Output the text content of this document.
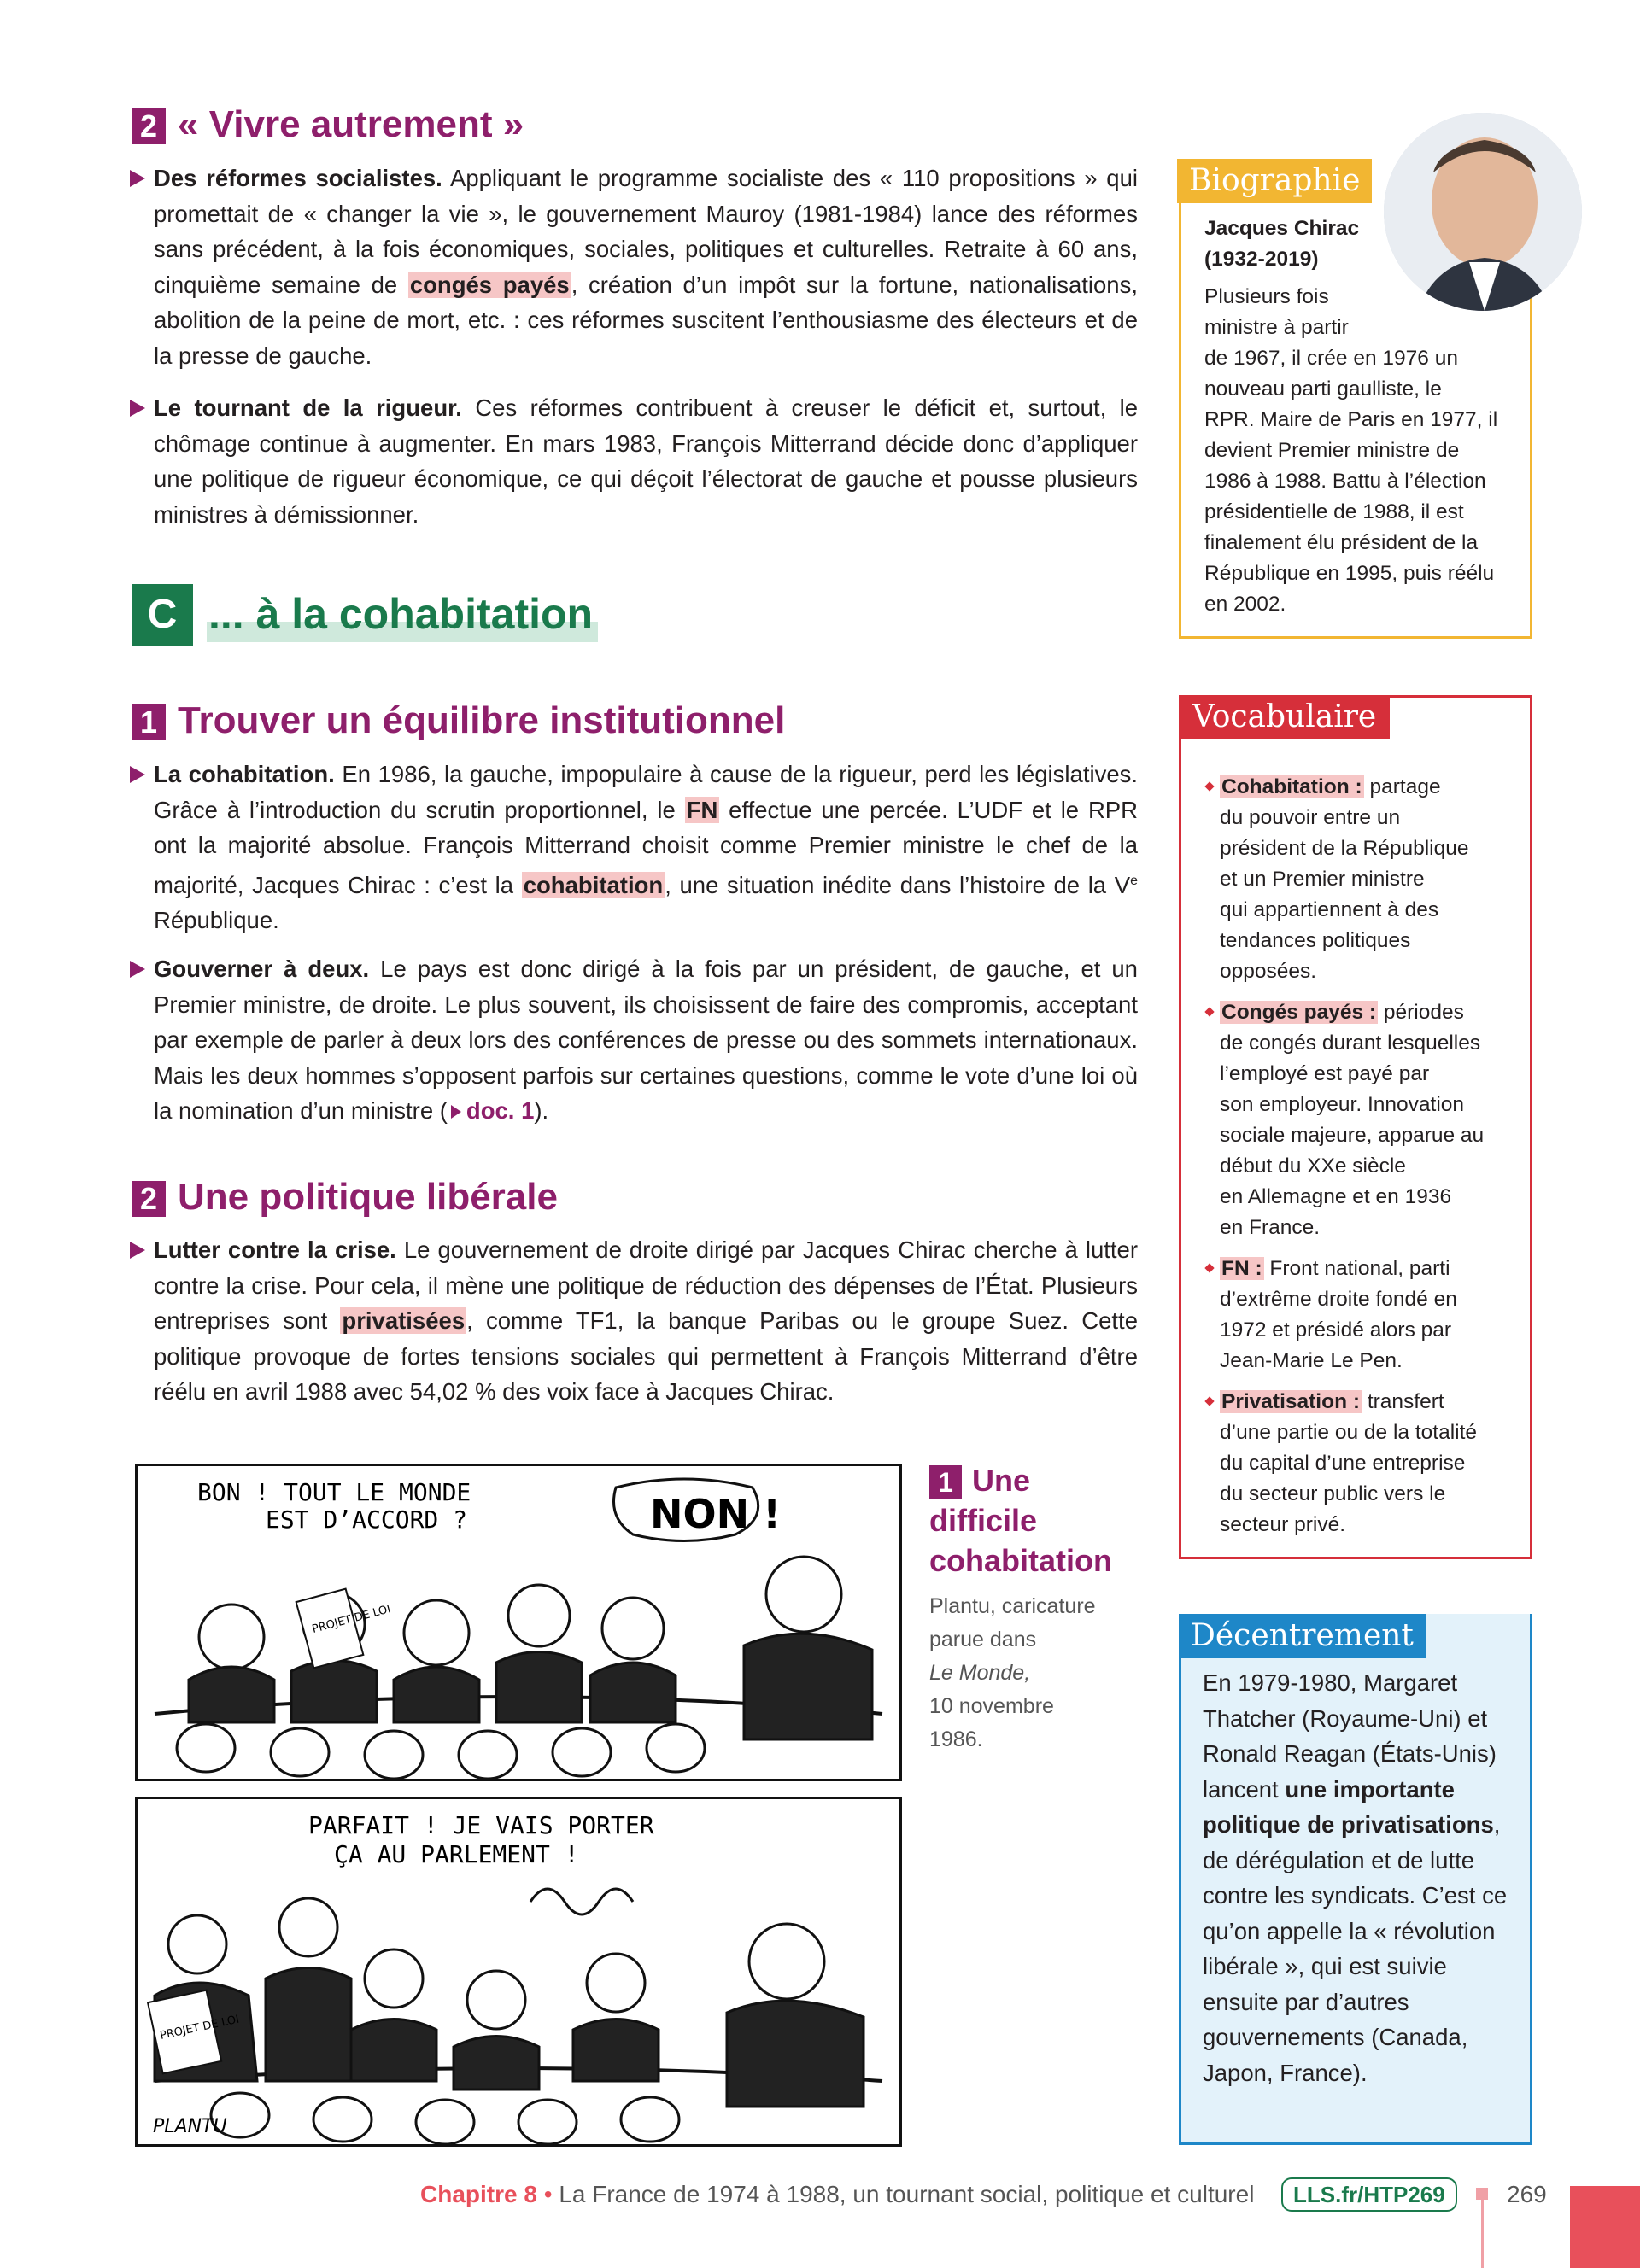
2 « Vivre autrement »
Des réformes socialistes. Appliquant le programme socialiste des « 110 propositions » qui promettait de « changer la vie », le gouvernement Mauroy (1981-1984) lance des réformes sans précédent, à la fois économiques, sociales, politiques et culturelles. Retraite à 60 ans, cinquième semaine de congés payés, création d’un impôt sur la fortune, nationalisations, abolition de la peine de mort, etc. : ces réformes suscitent l’enthousiasme des électeurs et de la presse de gauche.
Le tournant de la rigueur. Ces réformes contribuent à creuser le déficit et, surtout, le chômage continue à augmenter. En mars 1983, François Mitterrand décide donc d’appliquer une politique de rigueur économique, ce qui déçoit l’électorat de gauche et pousse plusieurs ministres à démissionner.
C ... à la cohabitation
1 Trouver un équilibre institutionnel
La cohabitation. En 1986, la gauche, impopulaire à cause de la rigueur, perd les législatives. Grâce à l’introduction du scrutin proportionnel, le FN effectue une percée. L’UDF et le RPR ont la majorité absolue. François Mitterrand choisit comme Premier ministre le chef de la majorité, Jacques Chirac : c’est la cohabitation, une situation inédite dans l’histoire de la Ve République.
Gouverner à deux. Le pays est donc dirigé à la fois par un président, de gauche, et un Premier ministre, de droite. Le plus souvent, ils choisissent de faire des compromis, acceptant par exemple de parler à deux lors des conférences de presse ou des sommets internationaux. Mais les deux hommes s’opposent parfois sur certaines questions, comme le vote d’une loi où la nomination d’un ministre ( doc. 1).
2 Une politique libérale
Lutter contre la crise. Le gouvernement de droite dirigé par Jacques Chirac cherche à lutter contre la crise. Pour cela, il mène une politique de réduction des dépenses de l’État. Plusieurs entreprises sont privatisées, comme TF1, la banque Paribas ou le groupe Suez. Cette politique provoque de fortes tensions sociales qui permettent à François Mitterrand d’être réélu en avril 1988 avec 54,02 % des voix face à Jacques Chirac.
PROJET DE LOI
NON !
BON ! TOUT LE MONDE
EST D’ACCORD ?
PROJET DE LOI
PARFAIT ! JE VAIS PORTER
ÇA AU PARLEMENT !
PLANTU
1 Une
difficile
cohabitation
Plantu, caricature
parue dans
Le Monde,
10 novembre
1986.
Biographie
Jacques Chirac
(1932-2019)
Plusieurs fois
ministre à partir
de 1967, il crée en 1976 un
nouveau parti gaulliste, le
RPR. Maire de Paris en 1977, il
devient Premier ministre de
1986 à 1988. Battu à l’élection
présidentielle de 1988, il est
finalement élu président de la
République en 1995, puis réélu
en 2002.
Vocabulaire
Cohabitation : partage
du pouvoir entre un
président de la République
et un Premier ministre
qui appartiennent à des
tendances politiques
opposées.
Congés payés : périodes
de congés durant lesquelles
l’employé est payé par
son employeur. Innovation
sociale majeure, apparue au
début du XXe siècle
en Allemagne et en 1936
en France.
FN : Front national, parti
d’extrême droite fondé en
1972 et présidé alors par
Jean-Marie Le Pen.
Privatisation : transfert
d’une partie ou de la totalité
du capital d’une entreprise
du secteur public vers le
secteur privé.
Décentrement
En 1979-1980, Margaret Thatcher (Royaume-Uni) et Ronald Reagan (États-Unis) lancent une importante politique de privatisations, de dérégulation et de lutte contre les syndicats. C’est ce qu’on appelle la « révolution libérale », qui est suivie ensuite par d’autres gouvernements (Canada, Japon, France).
Chapitre 8 • La France de 1974 à 1988, un tournant social, politique et culturel	LLS.fr/HTP269	269
